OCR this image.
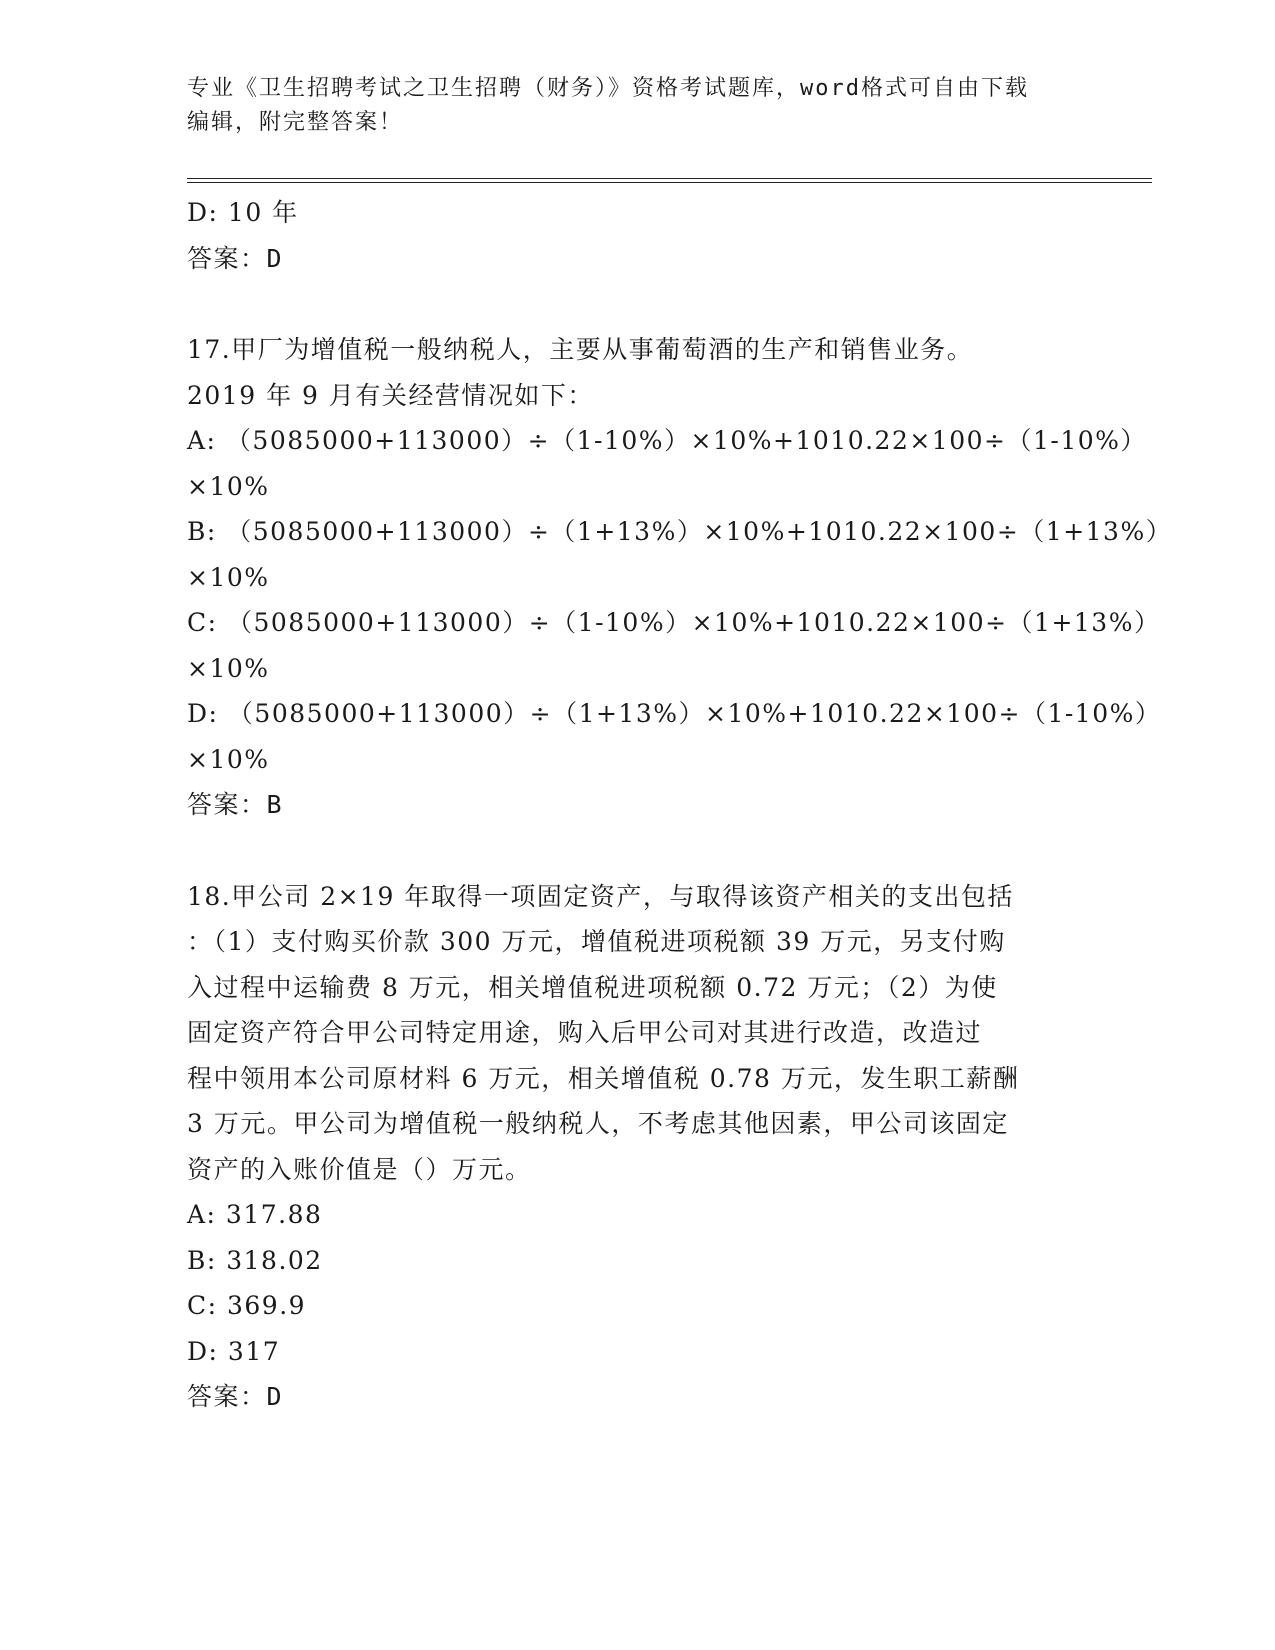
专业《卫生招聘考试之卫生招聘（财务）》资格考试题库，word格式可自由下载
编辑，附完整答案！
D: 10 年
答案：D
17.甲厂为增值税一般纳税人，主要从事葡萄酒的生产和销售业务。
2019 年 9 月有关经营情况如下：
A: （5085000+113000）÷（1-10%）×10%+1010.22×100÷（1-10%）
×10%
B: （5085000+113000）÷（1+13%）×10%+1010.22×100÷（1+13%）
×10%
C: （5085000+113000）÷（1-10%）×10%+1010.22×100÷（1+13%）
×10%
D: （5085000+113000）÷（1+13%）×10%+1010.22×100÷（1-10%）
×10%
答案：B
18.甲公司 2×19 年取得一项固定资产，与取得该资产相关的支出包括
：（1）支付购买价款 300 万元，增值税进项税额 39 万元，另支付购
入过程中运输费 8 万元，相关增值税进项税额 0.72 万元；（2）为使
固定资产符合甲公司特定用途，购入后甲公司对其进行改造，改造过
程中领用本公司原材料 6 万元，相关增值税 0.78 万元，发生职工薪酬
3 万元。甲公司为增值税一般纳税人，不考虑其他因素，甲公司该固定
资产的入账价值是（）万元。
A: 317.88
B: 318.02
C: 369.9
D: 317
答案：D
